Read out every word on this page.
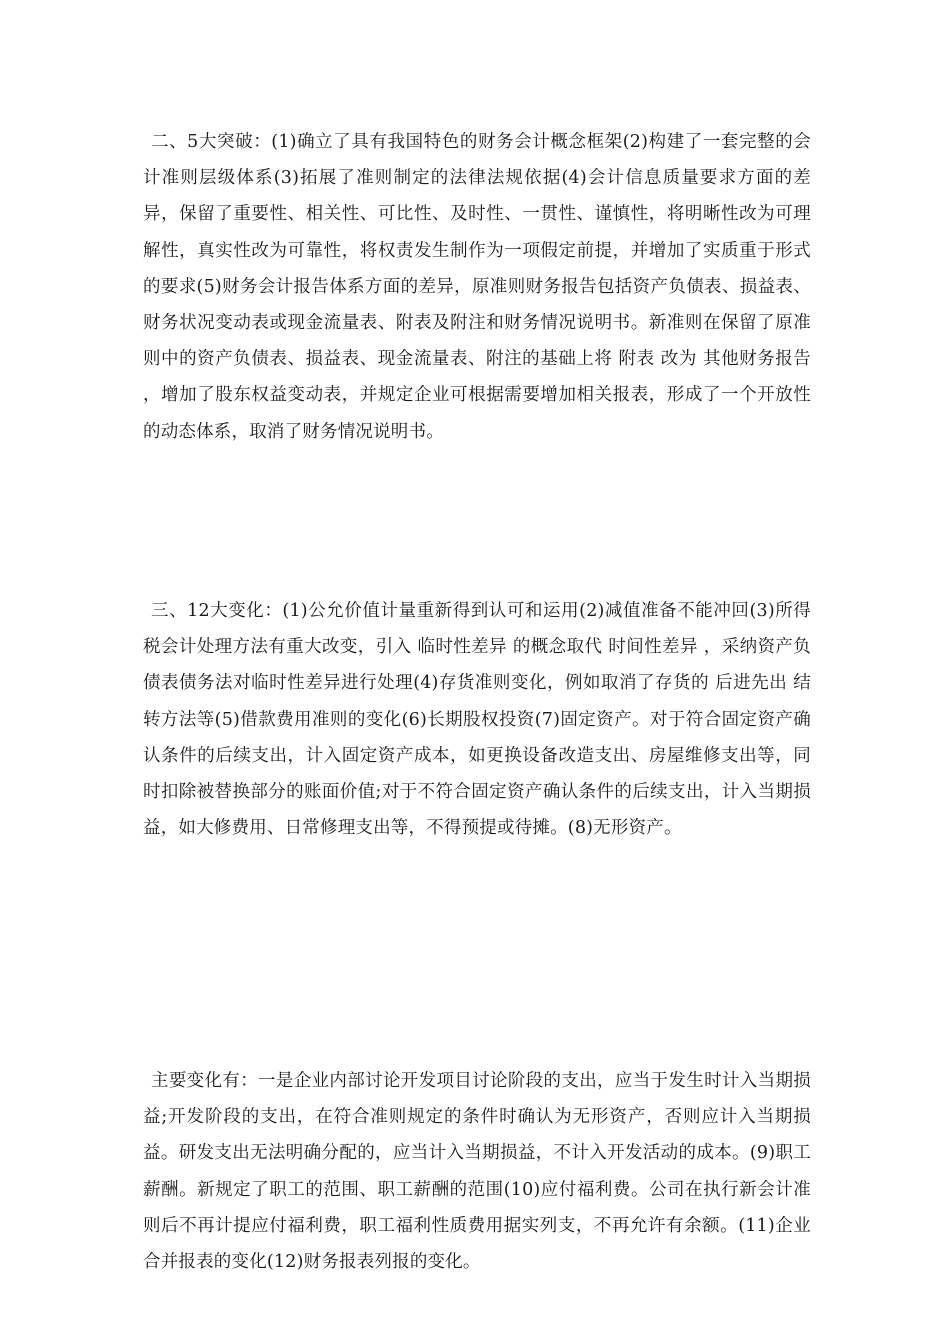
二、5大突破：(1)确立了具有我国特色的财务会计概念框架(2)构建了一套完整的会计准则层级体系(3)拓展了准则制定的法律法规依据(4)会计信息质量要求方面的差异，保留了重要性、相关性、可比性、及时性、一贯性、谨慎性，将明晰性改为可理解性，真实性改为可靠性，将权责发生制作为一项假定前提，并增加了实质重于形式的要求(5)财务会计报告体系方面的差异，原准则财务报告包括资产负债表、损益表、财务状况变动表或现金流量表、附表及附注和财务情况说明书。新准则在保留了原准则中的资产负债表、损益表、现金流量表、附注的基础上将 附表 改为 其他财务报告 ，增加了股东权益变动表，并规定企业可根据需要增加相关报表，形成了一个开放性的动态体系，取消了财务情况说明书。

三、12大变化：(1)公允价值计量重新得到认可和运用(2)减值准备不能冲回(3)所得税会计处理方法有重大改变，引入 临时性差异 的概念取代 时间性差异 ，采纳资产负债表债务法对临时性差异进行处理(4)存货准则变化，例如取消了存货的 后进先出 结转方法等(5)借款费用准则的变化(6)长期股权投资(7)固定资产。对于符合固定资产确认条件的后续支出，计入固定资产成本，如更换设备改造支出、房屋维修支出等，同时扣除被替换部分的账面价值;对于不符合固定资产确认条件的后续支出，计入当期损益，如大修费用、日常修理支出等，不得预提或待摊。(8)无形资产。

主要变化有：一是企业内部讨论开发项目讨论阶段的支出，应当于发生时计入当期损益;开发阶段的支出，在符合准则规定的条件时确认为无形资产，否则应计入当期损益。研发支出无法明确分配的，应当计入当期损益，不计入开发活动的成本。(9)职工薪酬。新规定了职工的范围、职工薪酬的范围(10)应付福利费。公司在执行新会计准则后不再计提应付福利费，职工福利性质费用据实列支，不再允许有余额。(11)企业合并报表的变化(12)财务报表列报的变化。
